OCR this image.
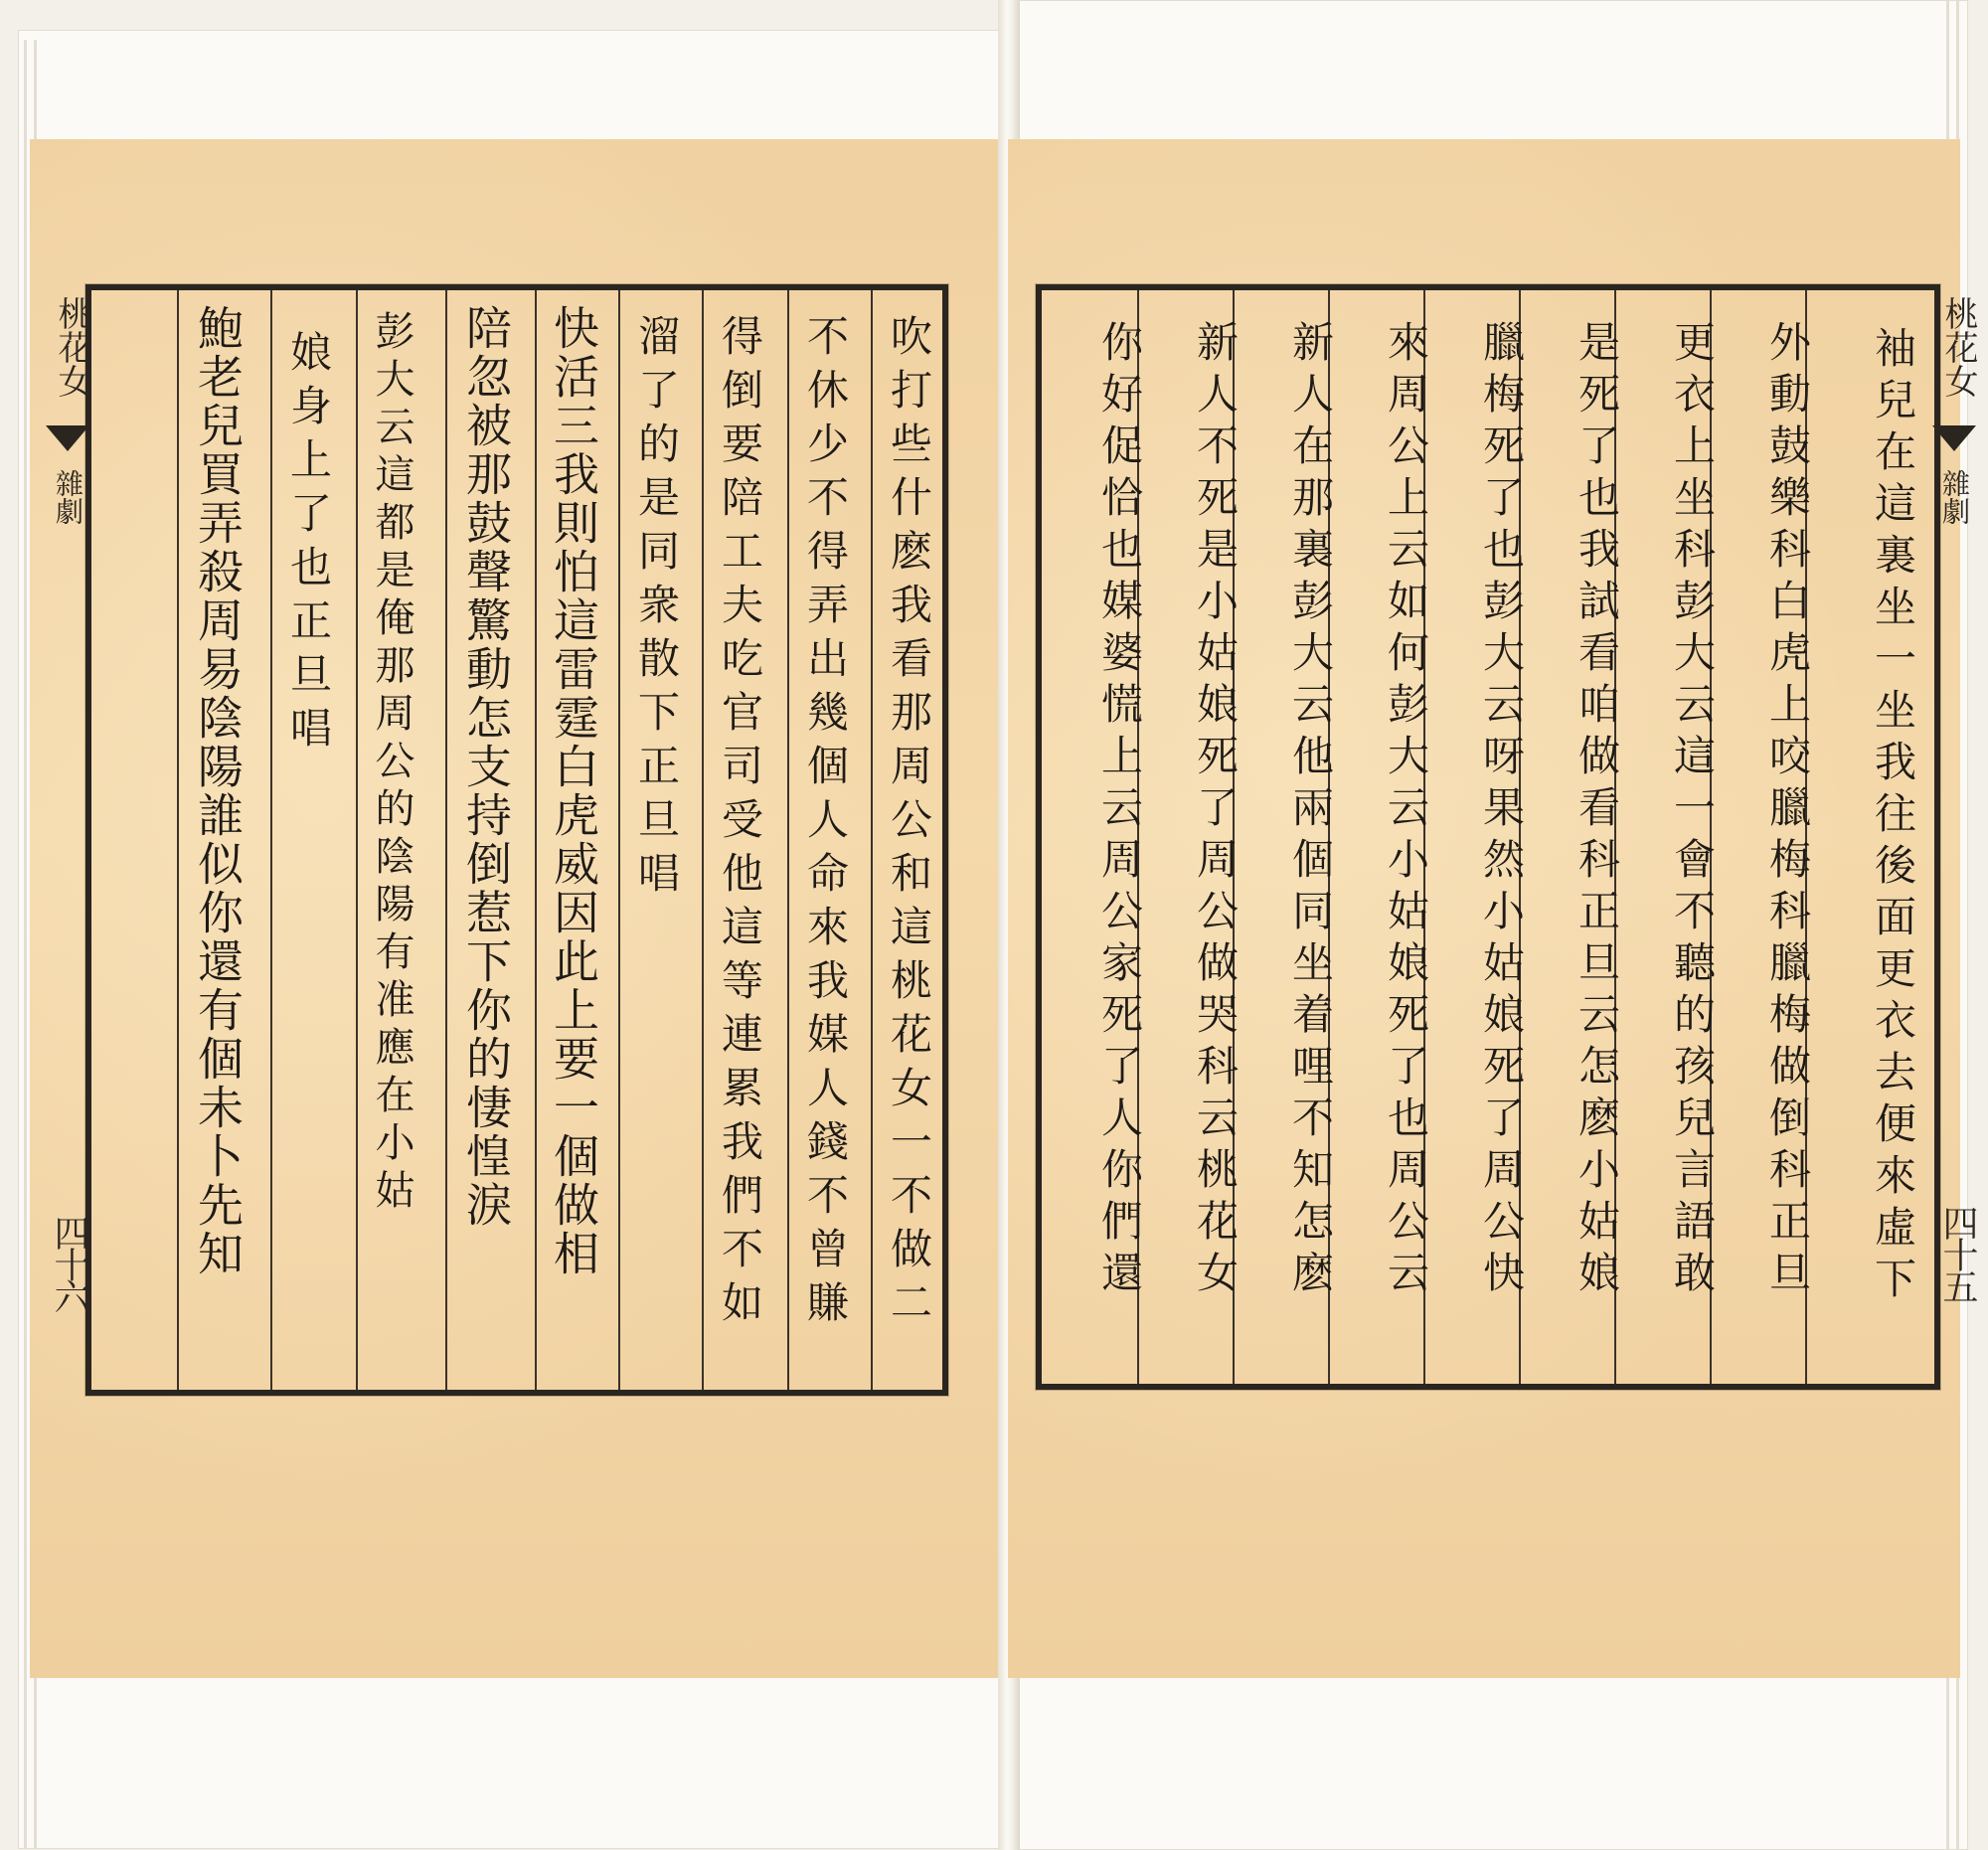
吹打些什麽我看那周公和這桃花女一不做二
不休少不得弄出幾個人命來我媒人錢不曾賺
得倒要陪工夫吃官司受他這等連累我們不如
溜了的是同衆散下正旦唱
快活三我則怕這雷霆白虎威因此上要一個做相
陪忽被那鼓聲驚動怎支持倒惹下你的悽惶淚
彭大云這都是俺那周公的陰陽有准應在小姑
娘身上了也正旦唱
鮑老兒買弄殺周易陰陽誰似你還有個未卜先知
桃花女
雜劇
四十六	袖兒在這裏坐一坐我往後面更衣去便來虛下
外動鼓樂科白虎上咬臘梅科臘梅做倒科正旦
更衣上坐科彭大云這一會不聽的孩兒言語敢
是死了也我試看咱做看科正旦云怎麽小姑娘
臘梅死了也彭大云呀果然小姑娘死了周公快
來周公上云如何彭大云小姑娘死了也周公云
新人在那裏彭大云他兩個同坐着哩不知怎麽
新人不死是小姑娘死了周公做哭科云桃花女
你好促恰也媒婆慌上云周公家死了人你們還	桃花女
雜劇
四十五
